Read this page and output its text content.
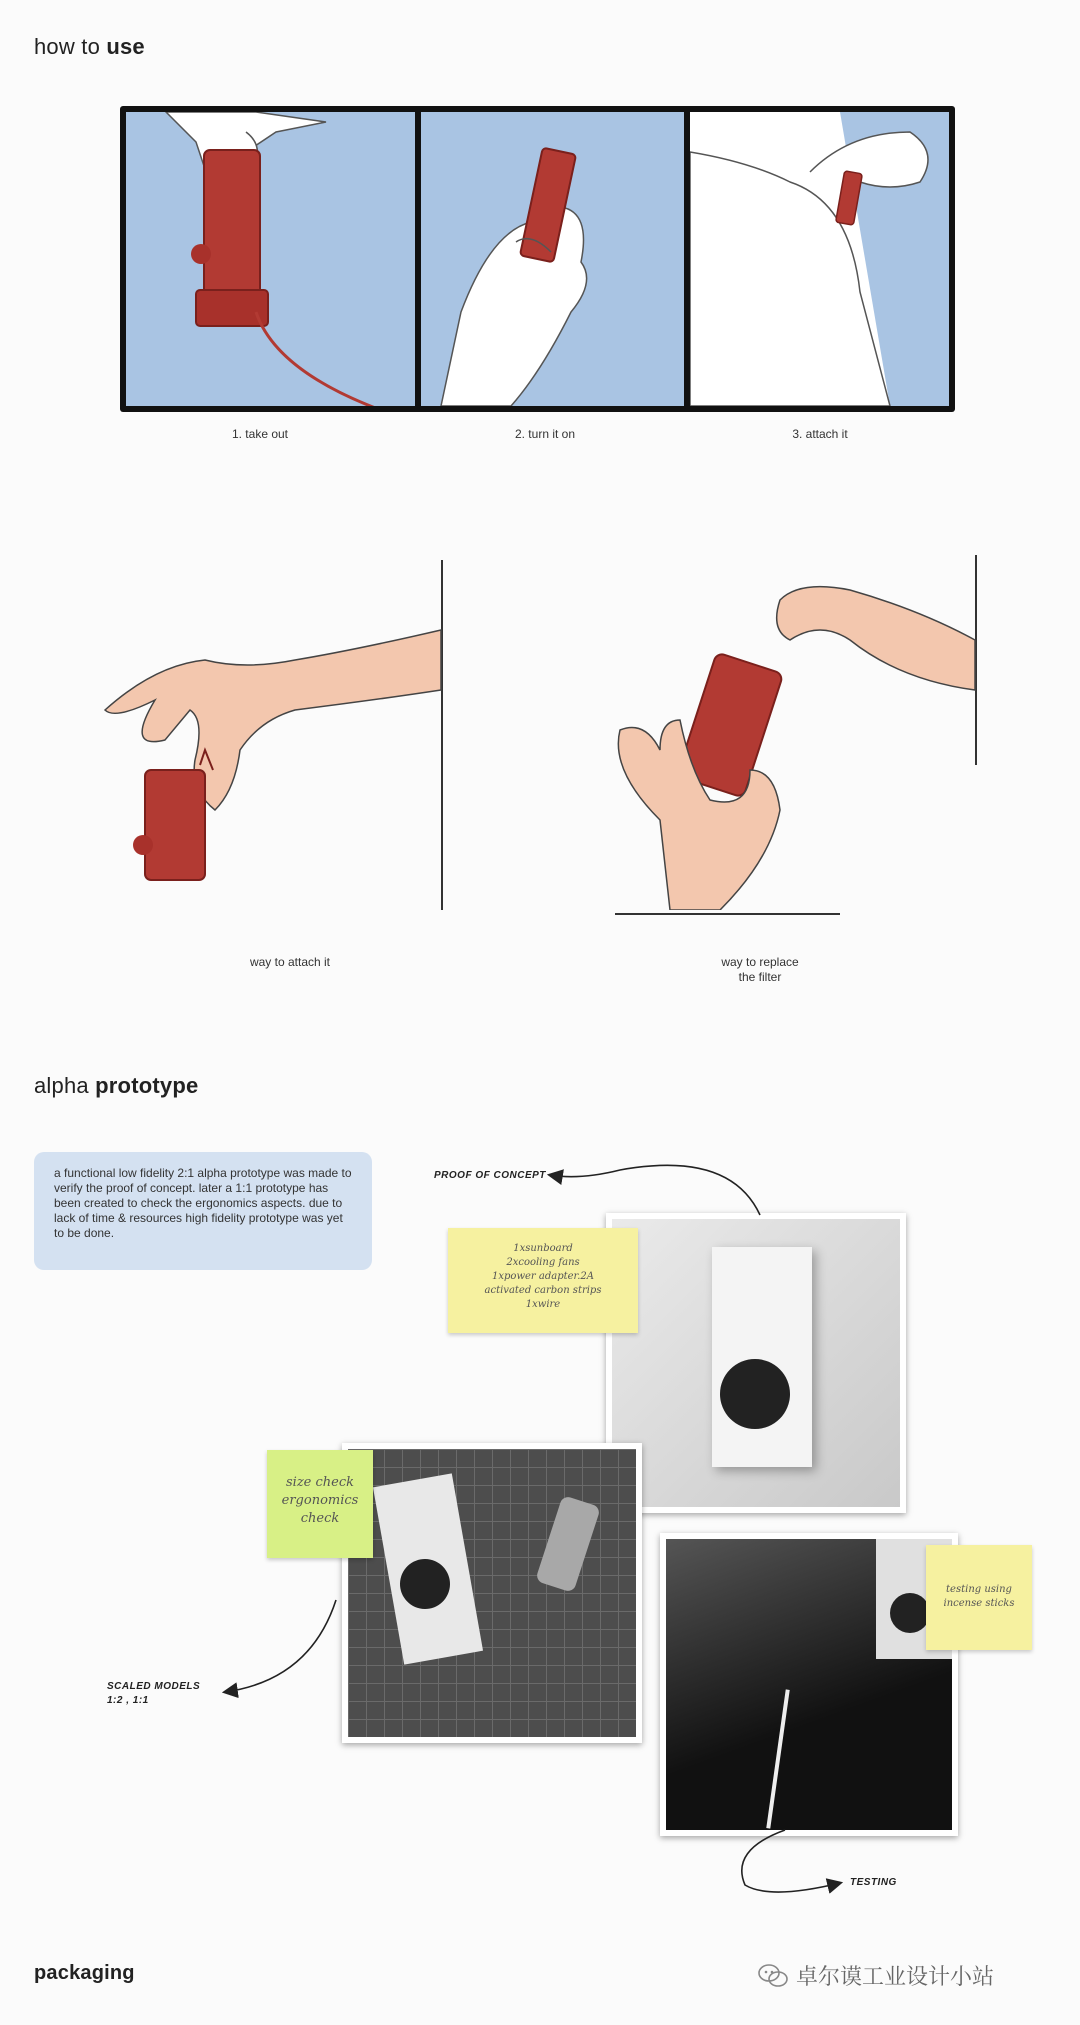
how to use
1. take out	2. turn it on	3. attach it
way to attach it	way to replace
the filter
alpha prototype
a functional low fidelity 2:1 alpha prototype was made to verify the proof of concept. later a 1:1 prototype has been created to check the ergonomics aspects. due to lack of time & resources high fidelity prototype was yet to be done.
1xsunboard
2xcooling fans
1xpower adapter.2A
activated carbon strips
1xwire
size check
ergonomics
check
testing using
incense sticks
PROOF OF CONCEPT
SCALED MODELS
1:2 , 1:1
TESTING
packaging	卓尔谟工业设计小站
